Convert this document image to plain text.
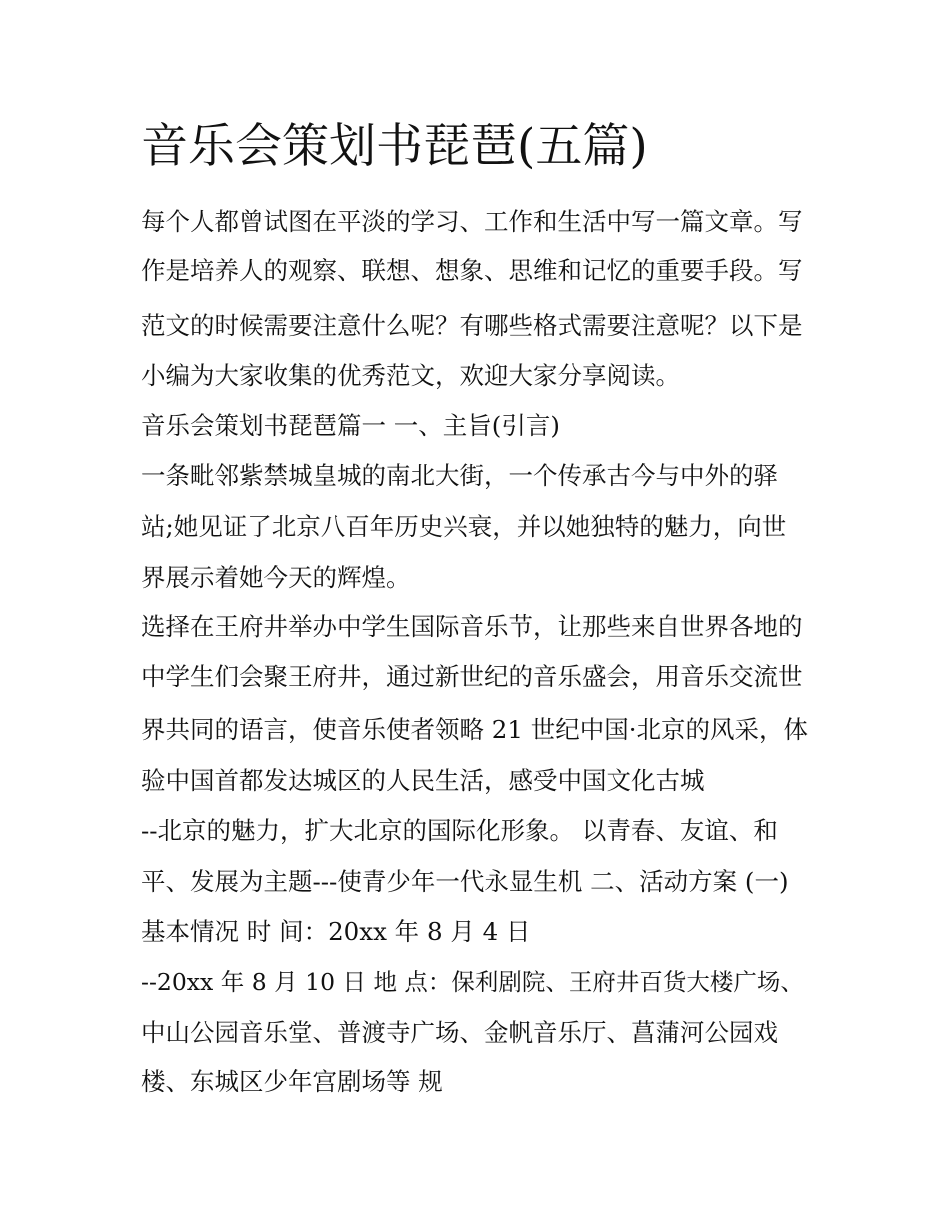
音乐会策划书琵琶(五篇)

每个人都曾试图在平淡的学习、工作和生活中写一篇文章。写

作是培养人的观察、联想、想象、思维和记忆的重要手段。写

范文的时候需要注意什么呢？有哪些格式需要注意呢？以下是

小编为大家收集的优秀范文，欢迎大家分享阅读。

音乐会策划书琵琶篇一 一、主旨(引言)

一条毗邻紫禁城皇城的南北大街，一个传承古今与中外的驿

站;她见证了北京八百年历史兴衰，并以她独特的魅力，向世

界展示着她今天的辉煌。

选择在王府井举办中学生国际音乐节，让那些来自世界各地的

中学生们会聚王府井，通过新世纪的音乐盛会，用音乐交流世

界共同的语言，使音乐使者领略 21 世纪中国·北京的风采，体

验中国首都发达城区的人民生活，感受中国文化古城

--北京的魅力，扩大北京的国际化形象。 以青春、友谊、和

平、发展为主题---使青少年一代永显生机 二、活动方案 (一)

基本情况 时 间：20xx 年 8 月 4 日

--20xx 年 8 月 10 日 地 点：保利剧院、王府井百货大楼广场、

中山公园音乐堂、普渡寺广场、金帆音乐厅、菖蒲河公园戏

楼、东城区少年宫剧场等 规
